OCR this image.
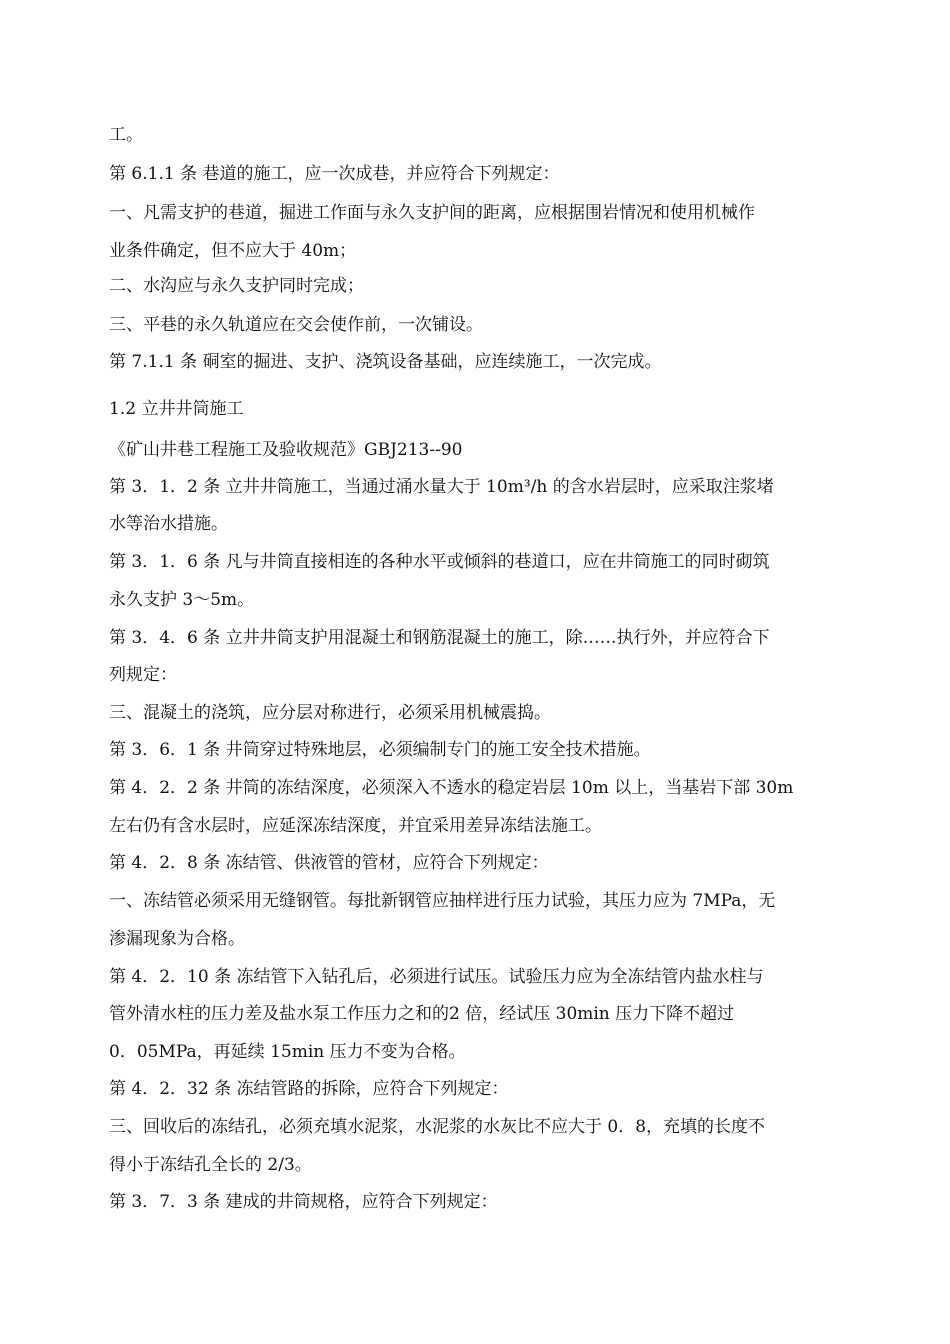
工。

第 6.1.1 条 巷道的施工，应一次成巷，并应符合下列规定：

一、凡需支护的巷道，掘进工作面与永久支护间的距离，应根据围岩情况和使用机械作

业条件确定，但不应大于 40m；

二、水沟应与永久支护同时完成；

三、平巷的永久轨道应在交会使作前，一次铺设。

第 7.1.1 条 硐室的掘进、支护、浇筑设备基础，应连续施工，一次完成。

1.2 立井井筒施工

《矿山井巷工程施工及验收规范》GBJ213--90

第 3．1．2 条 立井井筒施工，当通过涌水量大于 10m³/h 的含水岩层时，应采取注浆堵

水等治水措施。

第 3．1．6 条 凡与井筒直接相连的各种水平或倾斜的巷道口，应在井筒施工的同时砌筑

永久支护 3～5m。

第 3．4．6 条 立井井筒支护用混凝土和钢筋混凝土的施工，除……执行外，并应符合下

列规定：

三、混凝土的浇筑，应分层对称进行，必须采用机械震捣。

第 3．6．1 条 井筒穿过特殊地层，必须编制专门的施工安全技术措施。

第 4．2．2 条 井筒的冻结深度，必须深入不透水的稳定岩层 10m 以上，当基岩下部 30m

左右仍有含水层时，应延深冻结深度，并宜采用差异冻结法施工。

第 4．2．8 条 冻结管、供液管的管材，应符合下列规定：

一、冻结管必须采用无缝钢管。每批新钢管应抽样进行压力试验，其压力应为 7MPa，无

渗漏现象为合格。

第 4．2．10 条 冻结管下入钻孔后，必须进行试压。试验压力应为全冻结管内盐水柱与

管外清水柱的压力差及盐水泵工作压力之和的2 倍，经试压 30min 压力下降不超过

0．05MPa，再延续 15min 压力不变为合格。

第 4．2．32 条 冻结管路的拆除，应符合下列规定：

三、回收后的冻结孔，必须充填水泥浆，水泥浆的水灰比不应大于 0．8，充填的长度不

得小于冻结孔全长的 2/3。

第 3．7．3 条 建成的井筒规格，应符合下列规定：
